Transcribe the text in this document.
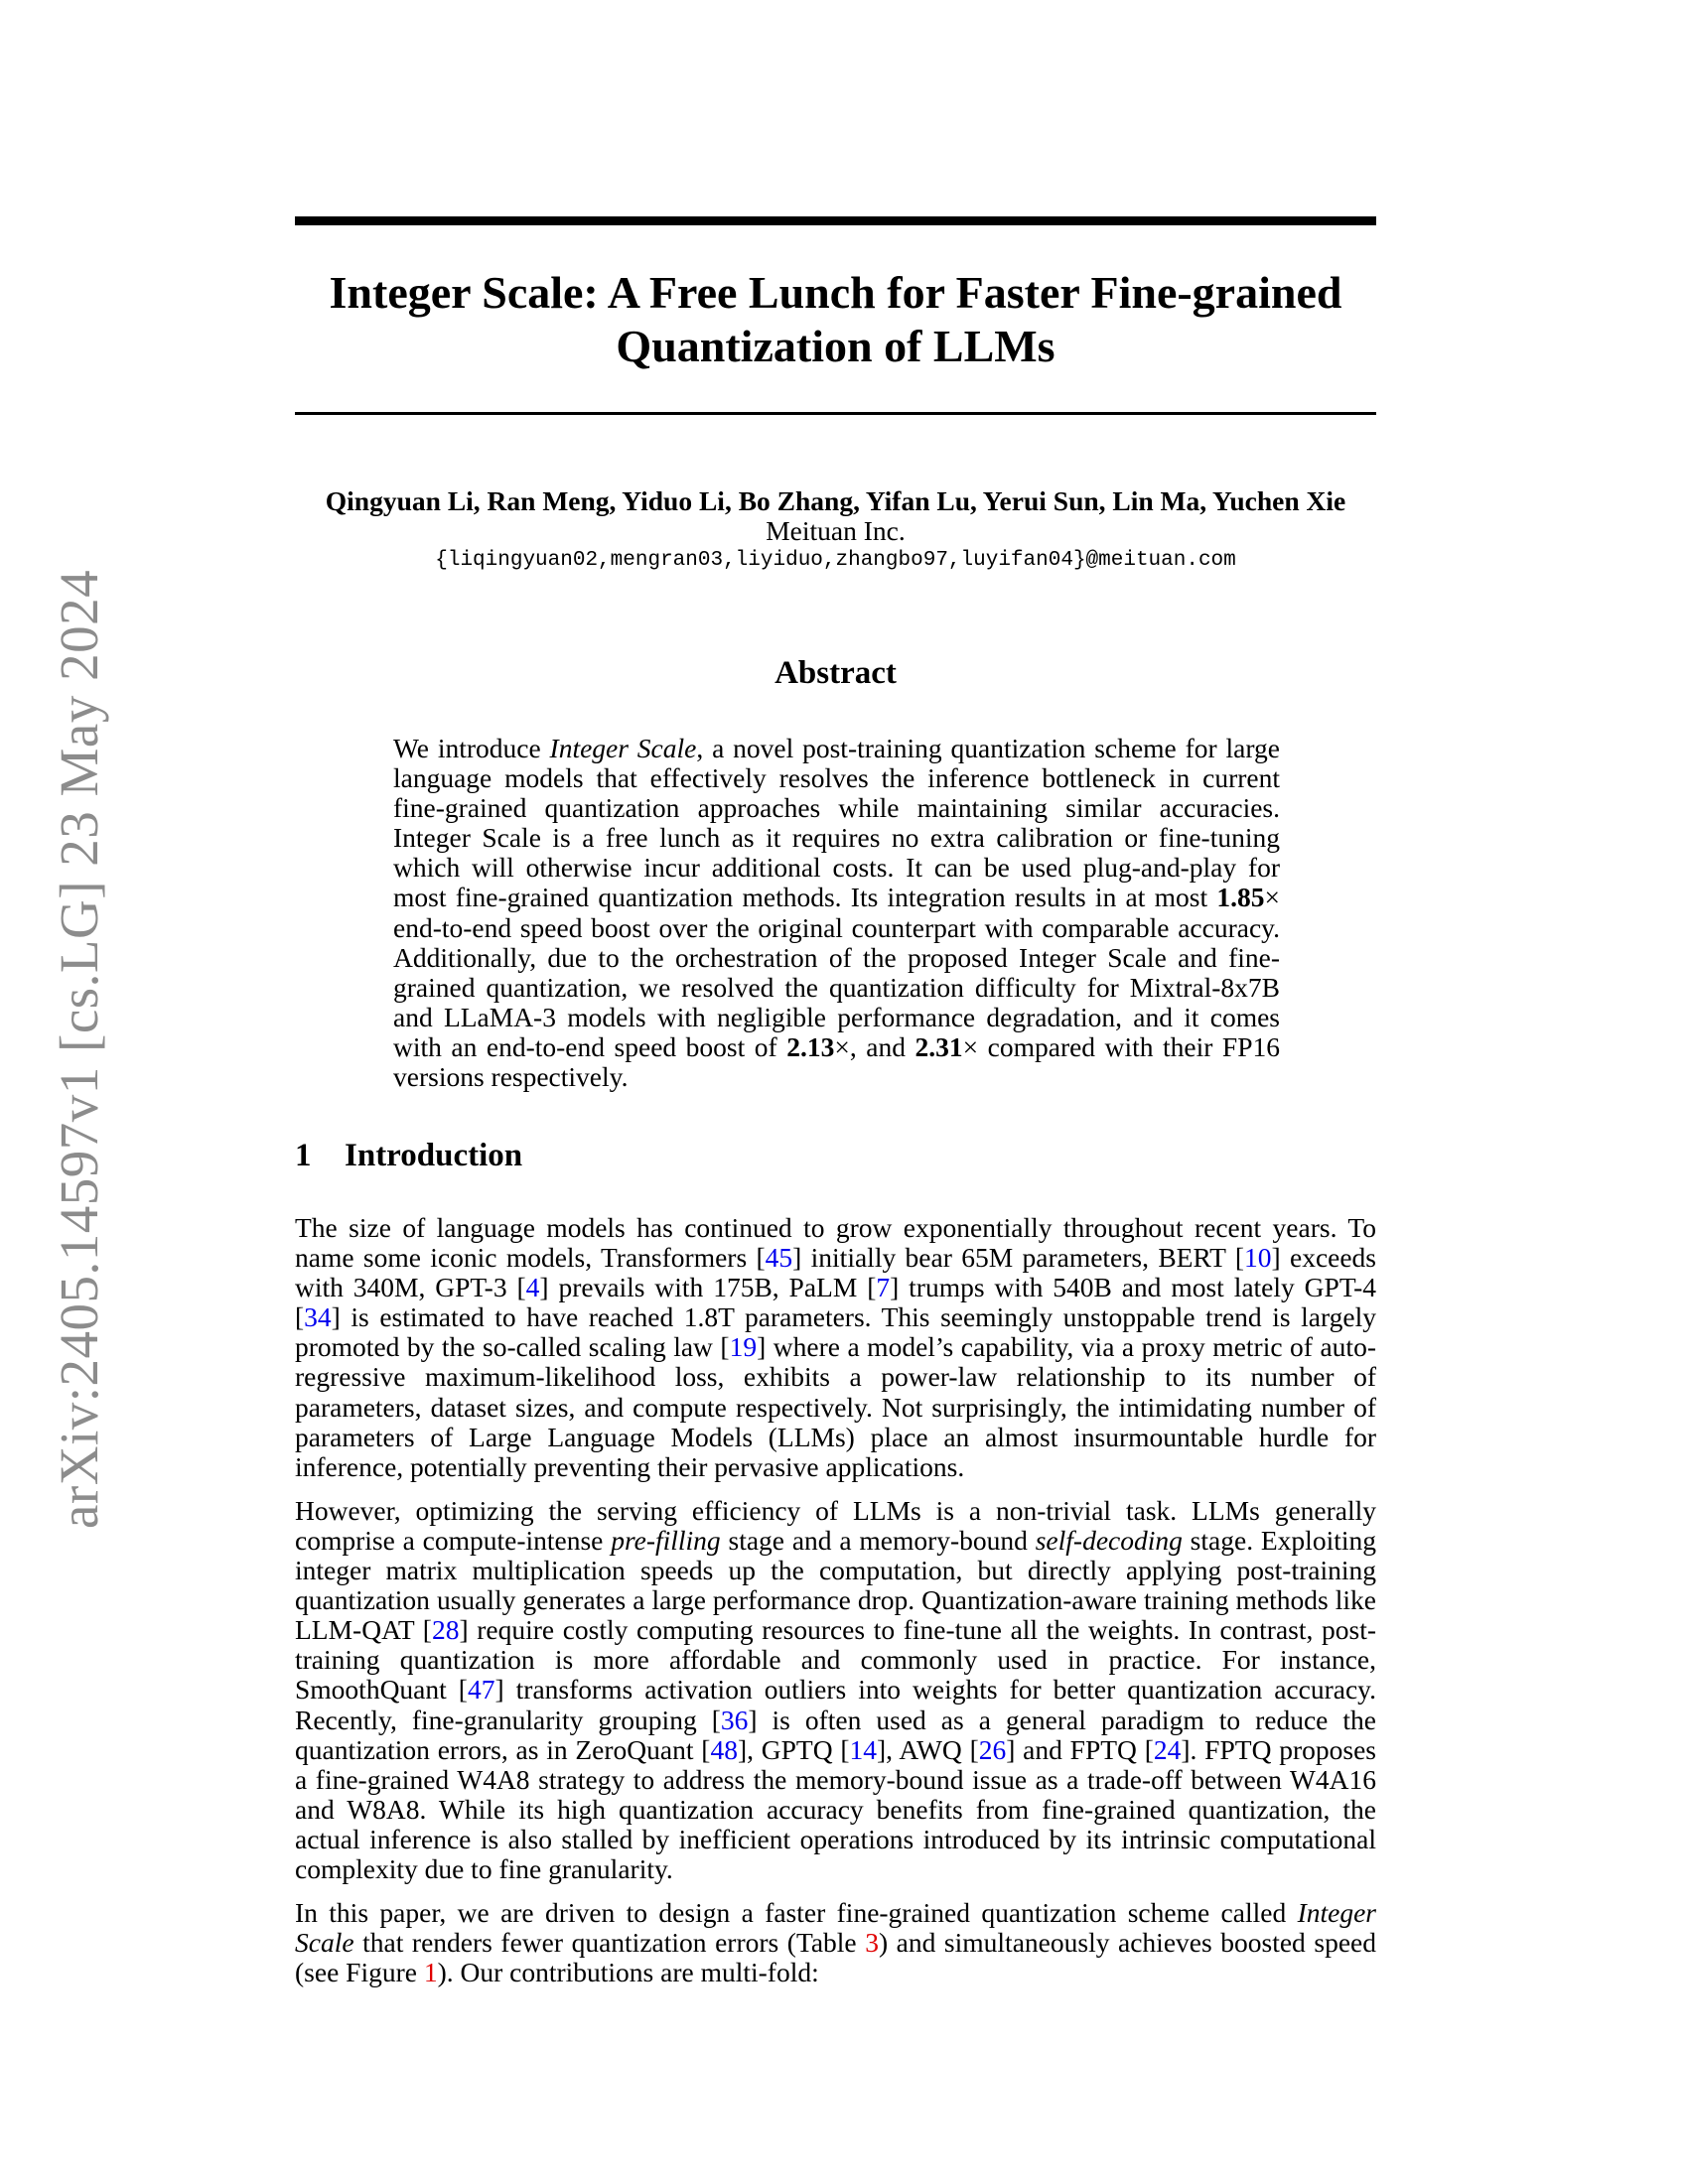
arXiv:2405.14597v1 [cs.LG] 23 May 2024
Integer Scale: A Free Lunch for Faster Fine-grained
Quantization of LLMs
Qingyuan Li, Ran Meng, Yiduo Li, Bo Zhang, Yifan Lu, Yerui Sun, Lin Ma, Yuchen Xie
Meituan Inc.
{liqingyuan02,mengran03,liyiduo,zhangbo97,luyifan04}@meituan.com
Abstract
We introduce Integer Scale, a novel post-training quantization scheme for large language models that effectively resolves the inference bottleneck in current fine-grained quantization approaches while maintaining similar accuracies. Integer Scale is a free lunch as it requires no extra calibration or fine-tuning which will otherwise incur additional costs. It can be used plug-and-play for most fine-grained quantization methods. Its integration results in at most 1.85× end-to-end speed boost over the original counterpart with comparable accuracy. Additionally, due to the orchestration of the proposed Integer Scale and fine-grained quantization, we resolved the quantization difficulty for Mixtral-8x7B and LLaMA-3 models with negligible performance degradation, and it comes with an end-to-end speed boost of 2.13×, and 2.31× compared with their FP16 versions respectively.
1 Introduction

The size of language models has continued to grow exponentially throughout recent years. To name some iconic models, Transformers [45] initially bear 65M parameters, BERT [10] exceeds with 340M, GPT-3 [4] prevails with 175B, PaLM [7] trumps with 540B and most lately GPT-4 [34] is estimated to have reached 1.8T parameters. This seemingly unstoppable trend is largely promoted by the so-called scaling law [19] where a model’s capability, via a proxy metric of auto-regressive maximum-likelihood loss, exhibits a power-law relationship to its number of parameters, dataset sizes, and compute respectively. Not surprisingly, the intimidating number of parameters of Large Language Models (LLMs) place an almost insurmountable hurdle for inference, potentially preventing their pervasive applications.

However, optimizing the serving efficiency of LLMs is a non-trivial task. LLMs generally comprise a compute-intense pre-filling stage and a memory-bound self-decoding stage. Exploiting integer matrix multiplication speeds up the computation, but directly applying post-training quantization usually generates a large performance drop. Quantization-aware training methods like LLM-QAT [28] require costly computing resources to fine-tune all the weights. In contrast, post-training quantization is more affordable and commonly used in practice. For instance, SmoothQuant [47] transforms activation outliers into weights for better quantization accuracy. Recently, fine-granularity grouping [36] is often used as a general paradigm to reduce the quantization errors, as in ZeroQuant [48], GPTQ [14], AWQ [26] and FPTQ [24]. FPTQ proposes a fine-grained W4A8 strategy to address the memory-bound issue as a trade-off between W4A16 and W8A8. While its high quantization accuracy benefits from fine-grained quantization, the actual inference is also stalled by inefficient operations introduced by its intrinsic computational complexity due to fine granularity.

In this paper, we are driven to design a faster fine-grained quantization scheme called Integer Scale that renders fewer quantization errors (Table 3) and simultaneously achieves boosted speed (see Figure 1). Our contributions are multi-fold:
